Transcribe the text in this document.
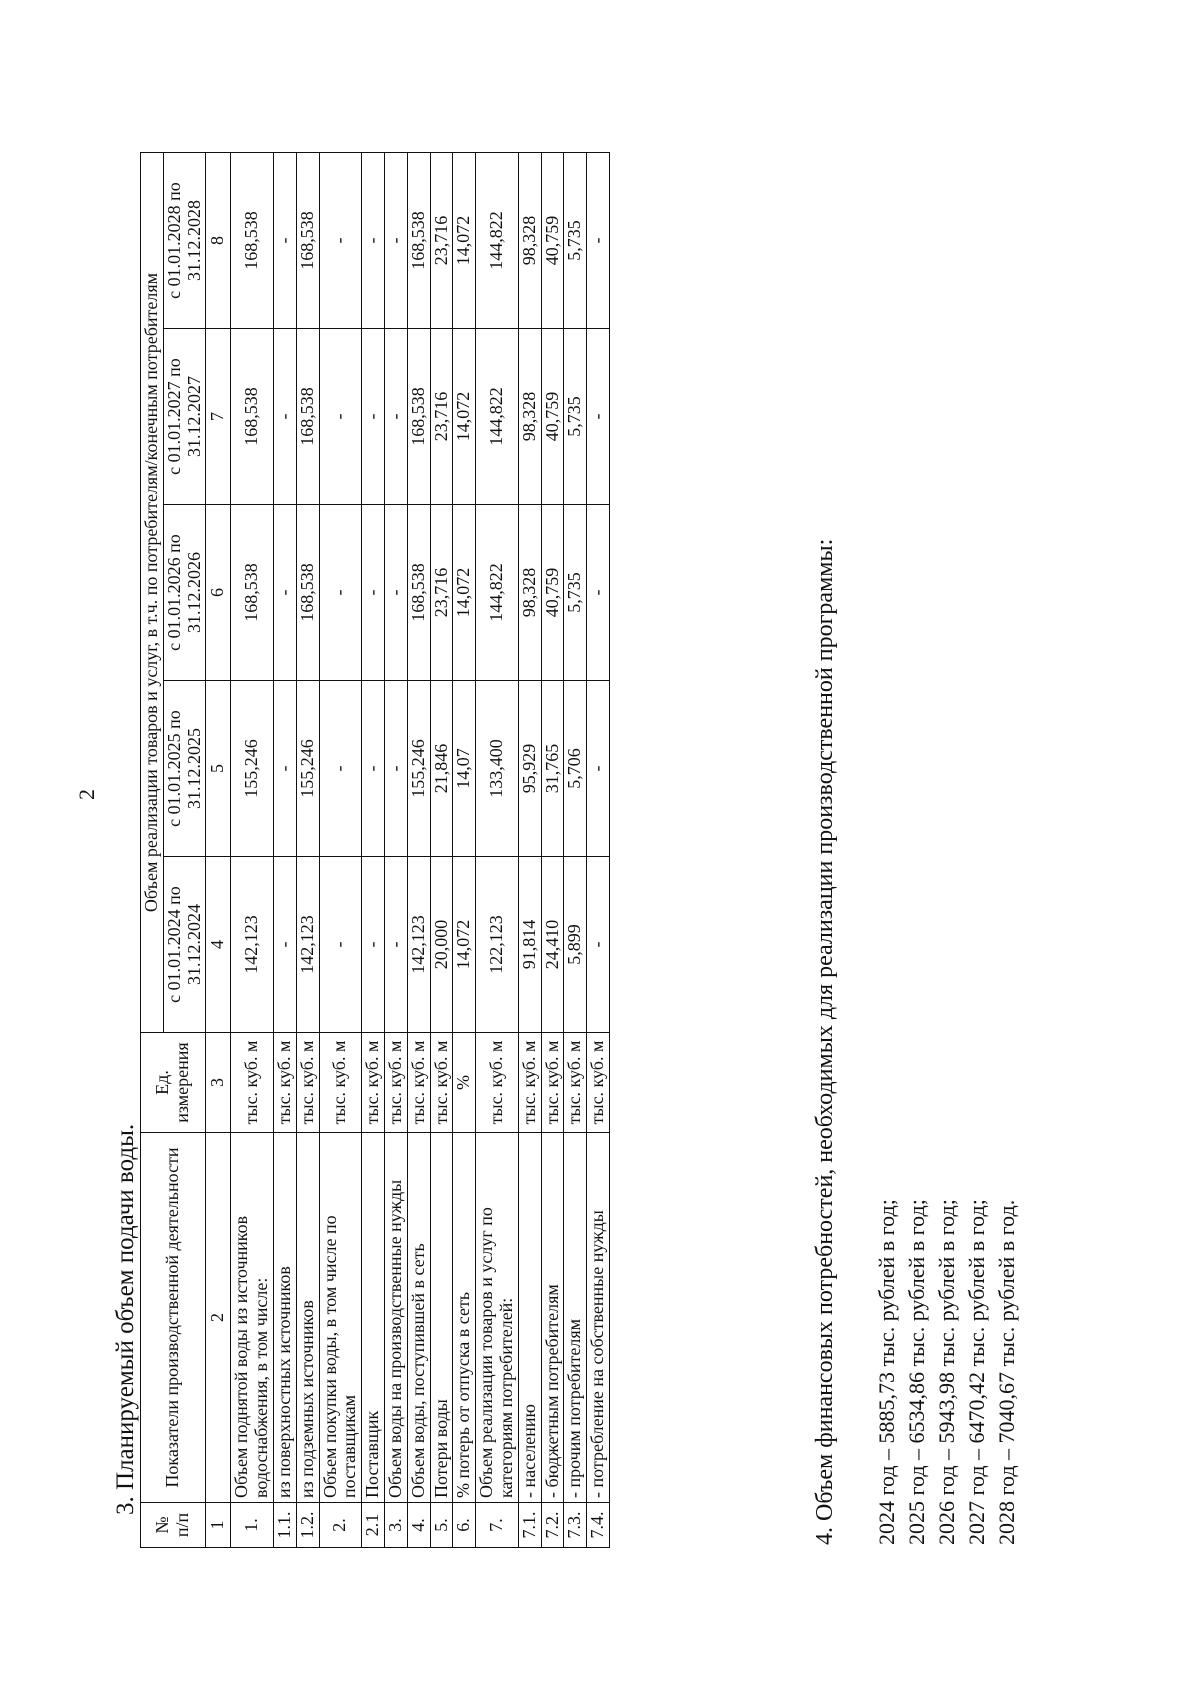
2
3. Планируемый объем подачи воды.
№ п/п	Показатели производственной деятельности	Ед. измерения	Объем реализации товаров и услуг, в т.ч. по потребителям/конечным потребителям				
			с 01.01.2024 по 31.12.2024	с 01.01.2025 по 31.12.2025	с 01.01.2026 по 31.12.2026	с 01.01.2027 по 31.12.2027	с 01.01.2028 по 31.12.2028
1	2	3	4	5	6	7	8
1.	Объем поднятой воды из источников водоснабжения, в том числе:	тыс. куб. м	142,123	155,246	168,538	168,538	168,538
1.1.	из поверхностных источников	тыс. куб. м	-	-	-	-	-
1.2.	из подземных источников	тыс. куб. м	142,123	155,246	168,538	168,538	168,538
2.	Объем покупки воды, в том числе по поставщикам	тыс. куб. м	-	-	-	-	-
2.1	Поставщик	тыс. куб. м	-	-	-	-	-
3.	Объем воды на производственные нужды	тыс. куб. м	-	-	-	-	-
4.	Объем воды, поступившей в сеть	тыс. куб. м	142,123	155,246	168,538	168,538	168,538
5.	Потери воды	тыс. куб. м	20,000	21,846	23,716	23,716	23,716
6.	% потерь от отпуска в сеть	%	14,072	14,07	14,072	14,072	14,072
7.	Объем реализации товаров и услуг по категориям потребителей:	тыс. куб. м	122,123	133,400	144,822	144,822	144,822
7.1.	- населению	тыс. куб. м	91,814	95,929	98,328	98,328	98,328
7.2.	- бюджетным потребителям	тыс. куб. м	24,410	31,765	40,759	40,759	40,759
7.3.	- прочим потребителям	тыс. куб. м	5,899	5,706	5,735	5,735	5,735
7.4.	- потребление на собственные нужды	тыс. куб. м	-	-	-	-	-
4. Объем финансовых потребностей, необходимых для реализации производственной программы: 2024 год – 5885,73 тыс. рублей в год; 2025 год – 6534,86 тыс. рублей в год; 2026 год – 5943,98 тыс. рублей в год; 2027 год – 6470,42 тыс. рублей в год; 2028 год – 7040,67 тыс. рублей в год.
